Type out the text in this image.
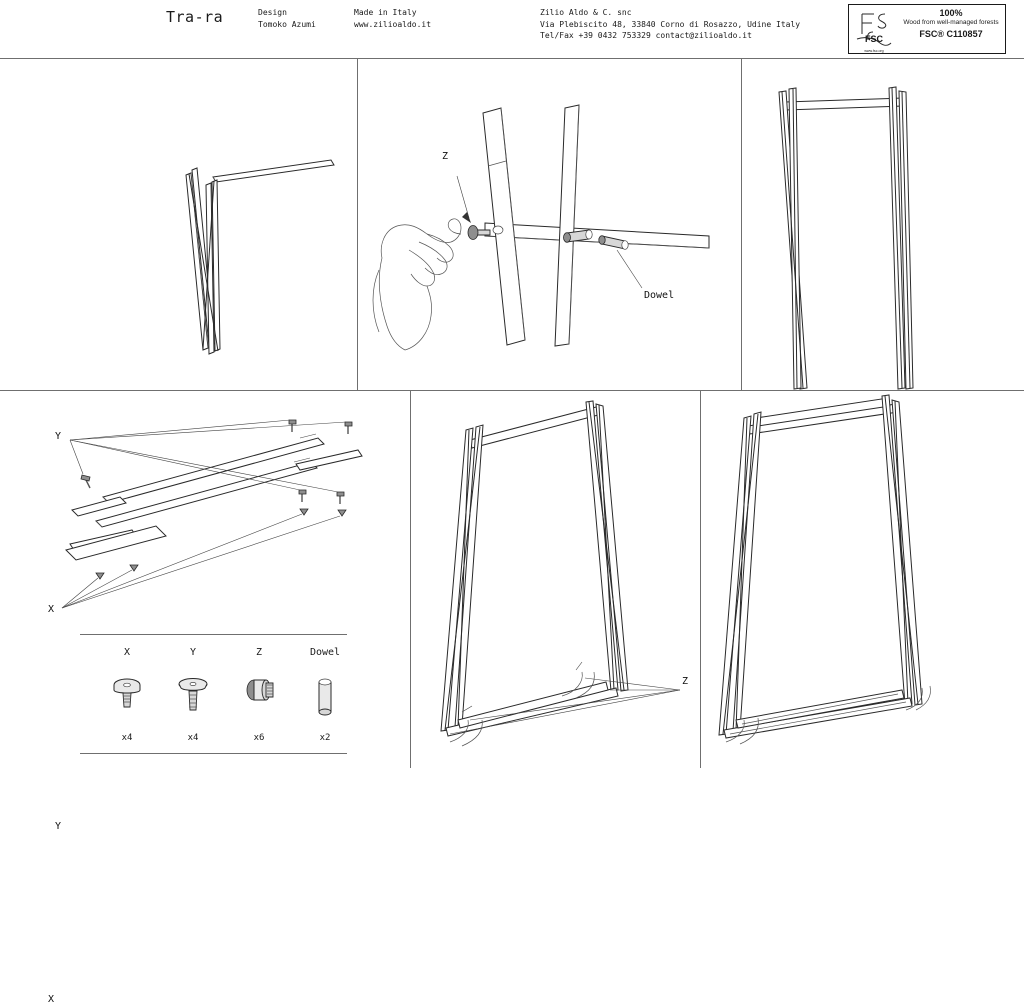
Tra-ra	Design
Tomoko Azumi
Made in Italy
www.zilioaldo.it
Zilio Aldo & C. snc
Via Plebiscito 48, 33840 Corno di Rosazzo, Udine Italy
Tel/Fax +39 0432 753329 contact@zilioaldo.it	FSC
www.fsc.org
100%
Wood from well-managed forests
FSC® C110857
Z
Dowel
Y
X
Y
X
Z
X
x4
Y
x4
Z
x6
Dowel
x2
